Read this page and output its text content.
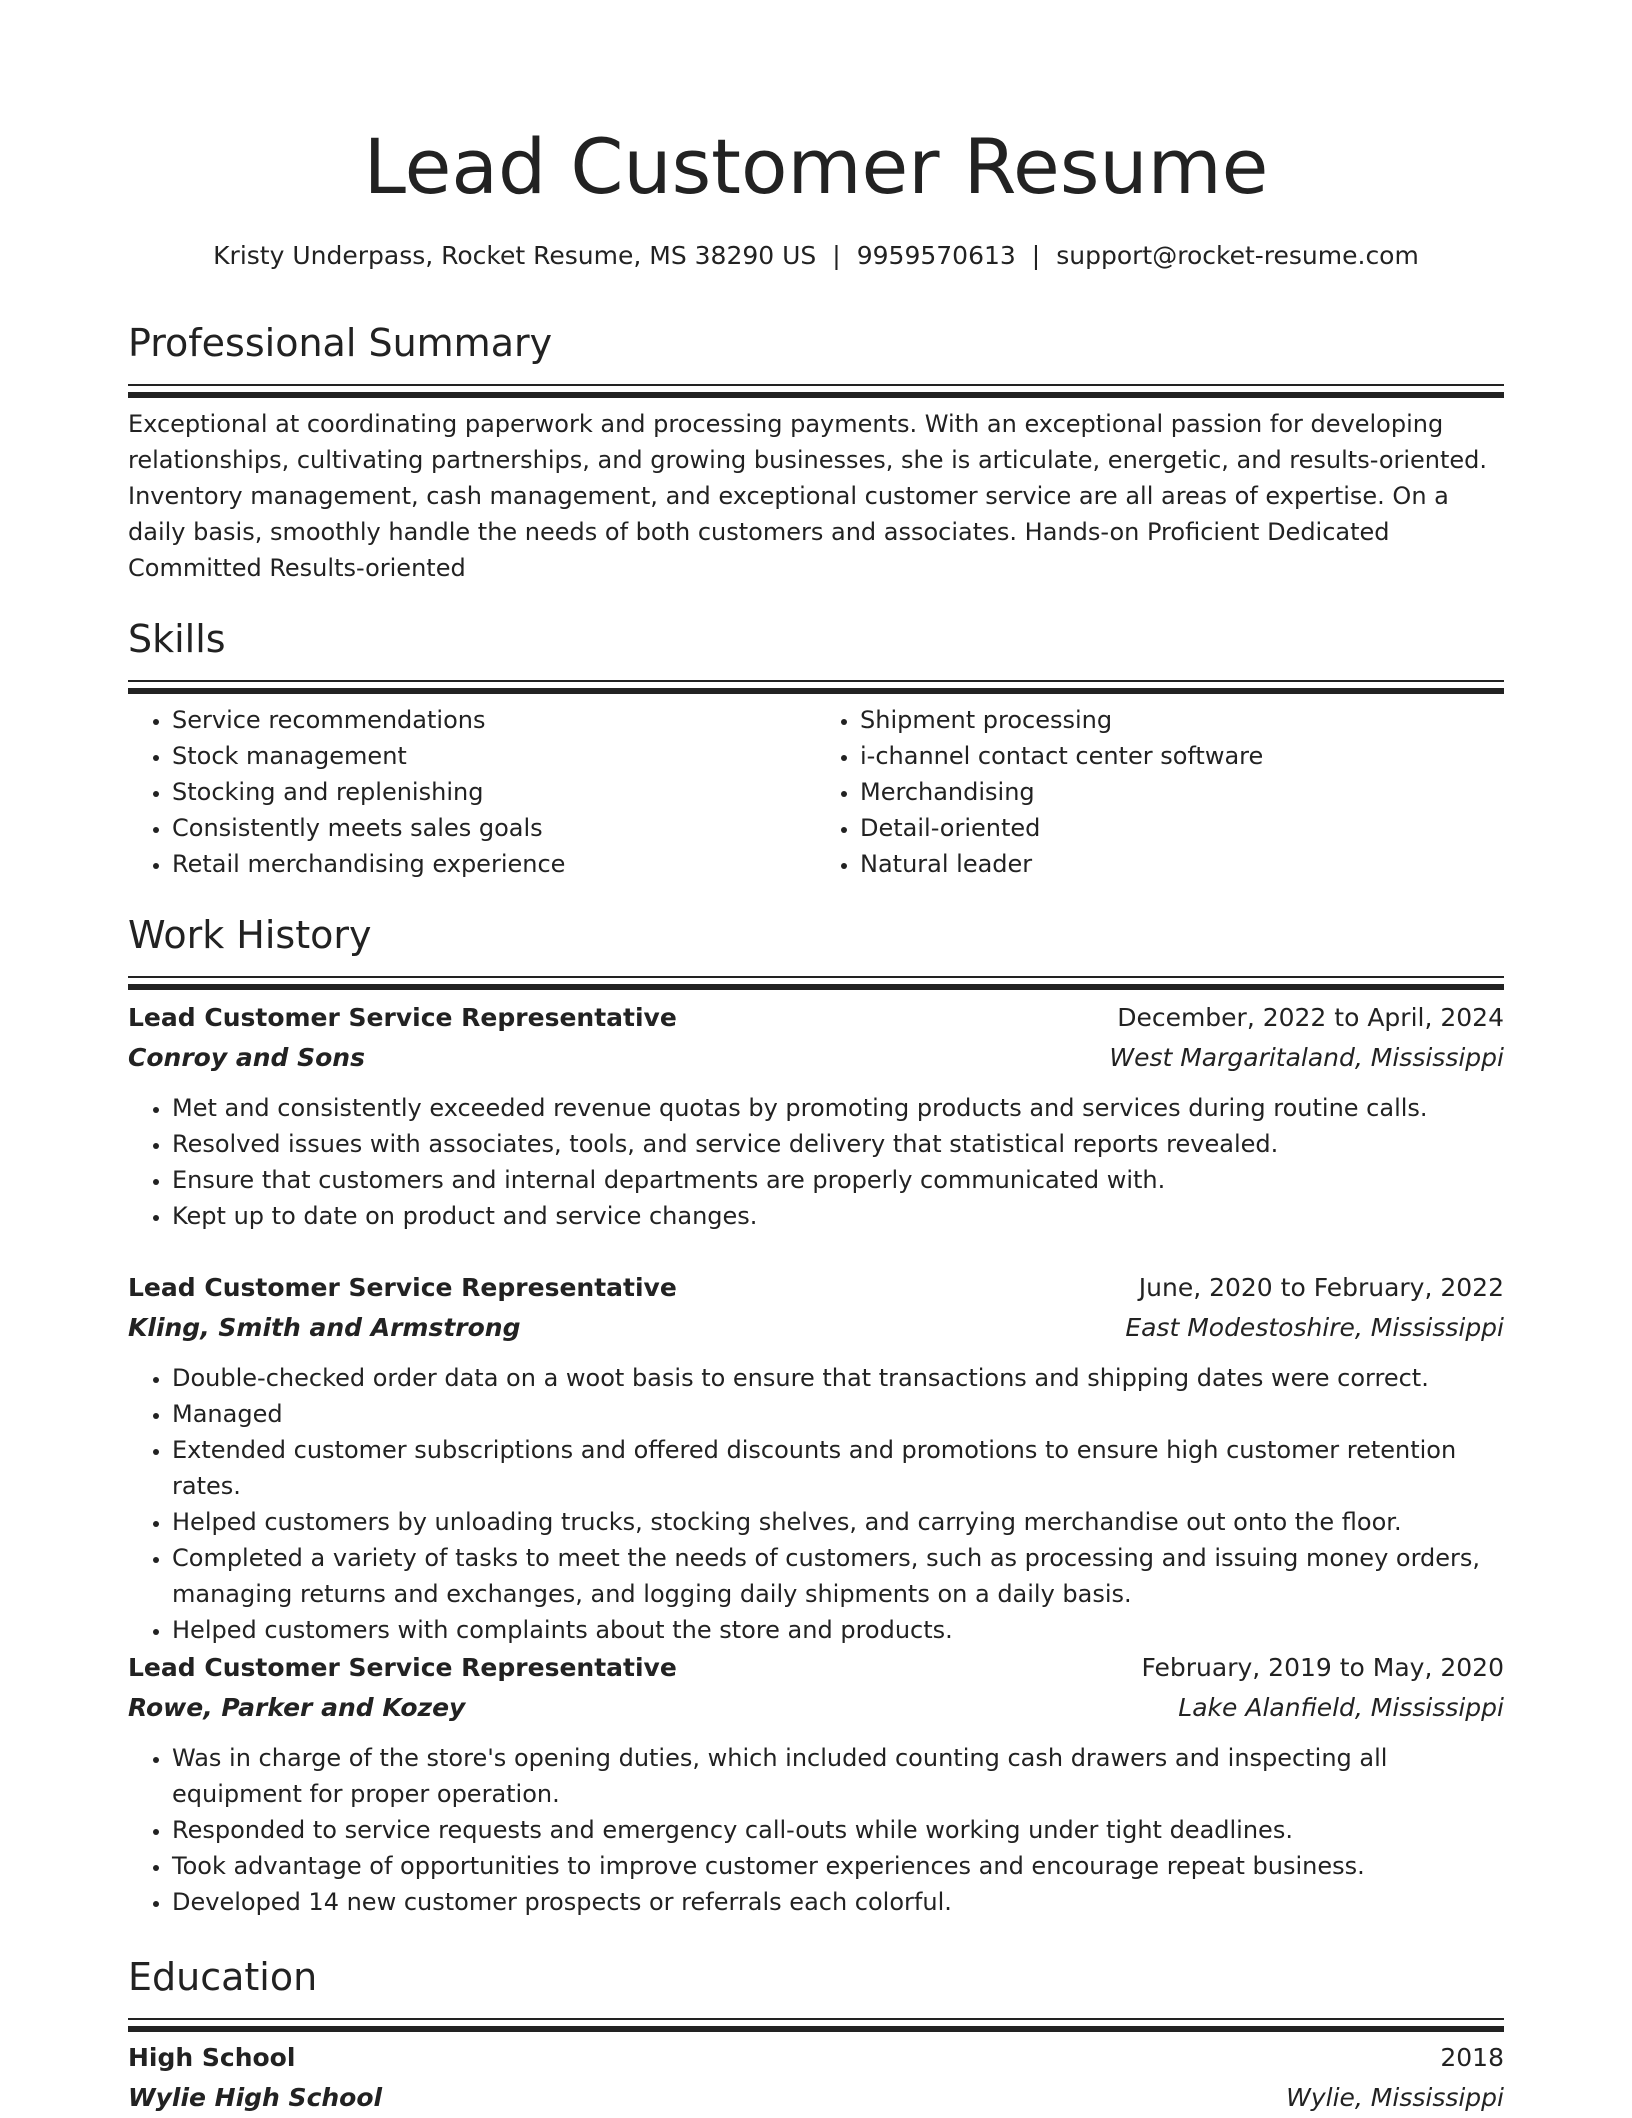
Lead Customer Resume
Kristy Underpass, Rocket Resume, MS 38290 US | 9959570613 | support@rocket-resume.com
Professional Summary

Exceptional at coordinating paperwork and processing payments. With an exceptional passion for developing relationships, cultivating partnerships, and growing businesses, she is articulate, energetic, and results-oriented. Inventory management, cash management, and exceptional customer service are all areas of expertise. On a daily basis, smoothly handle the needs of both customers and associates. Hands-on Proficient Dedicated Committed Results-oriented

Skills
• Service recommendations
• Stock management
• Stocking and replenishing
• Consistently meets sales goals
• Retail merchandising experience
• Shipment processing
• i-channel contact center software
• Merchandising
• Detail-oriented
• Natural leader
Work History
Lead Customer Service Representative	December, 2022 to April, 2024
Conroy and Sons	West Margaritaland, Mississippi
• Met and consistently exceeded revenue quotas by promoting products and services during routine calls.
• Resolved issues with associates, tools, and service delivery that statistical reports revealed.
• Ensure that customers and internal departments are properly communicated with.
• Kept up to date on product and service changes.
Lead Customer Service Representative	June, 2020 to February, 2022
Kling, Smith and Armstrong	East Modestoshire, Mississippi
• Double-checked order data on a woot basis to ensure that transactions and shipping dates were correct.
• Managed
• Extended customer subscriptions and offered discounts and promotions to ensure high customer retention rates.
• Helped customers by unloading trucks, stocking shelves, and carrying merchandise out onto the floor.
• Completed a variety of tasks to meet the needs of customers, such as processing and issuing money orders, managing returns and exchanges, and logging daily shipments on a daily basis.
• Helped customers with complaints about the store and products.
Lead Customer Service Representative	February, 2019 to May, 2020
Rowe, Parker and Kozey	Lake Alanfield, Mississippi
• Was in charge of the store's opening duties, which included counting cash drawers and inspecting all equipment for proper operation.
• Responded to service requests and emergency call-outs while working under tight deadlines.
• Took advantage of opportunities to improve customer experiences and encourage repeat business.
• Developed 14 new customer prospects or referrals each colorful.
Education
High School	2018
Wylie High School	Wylie, Mississippi
